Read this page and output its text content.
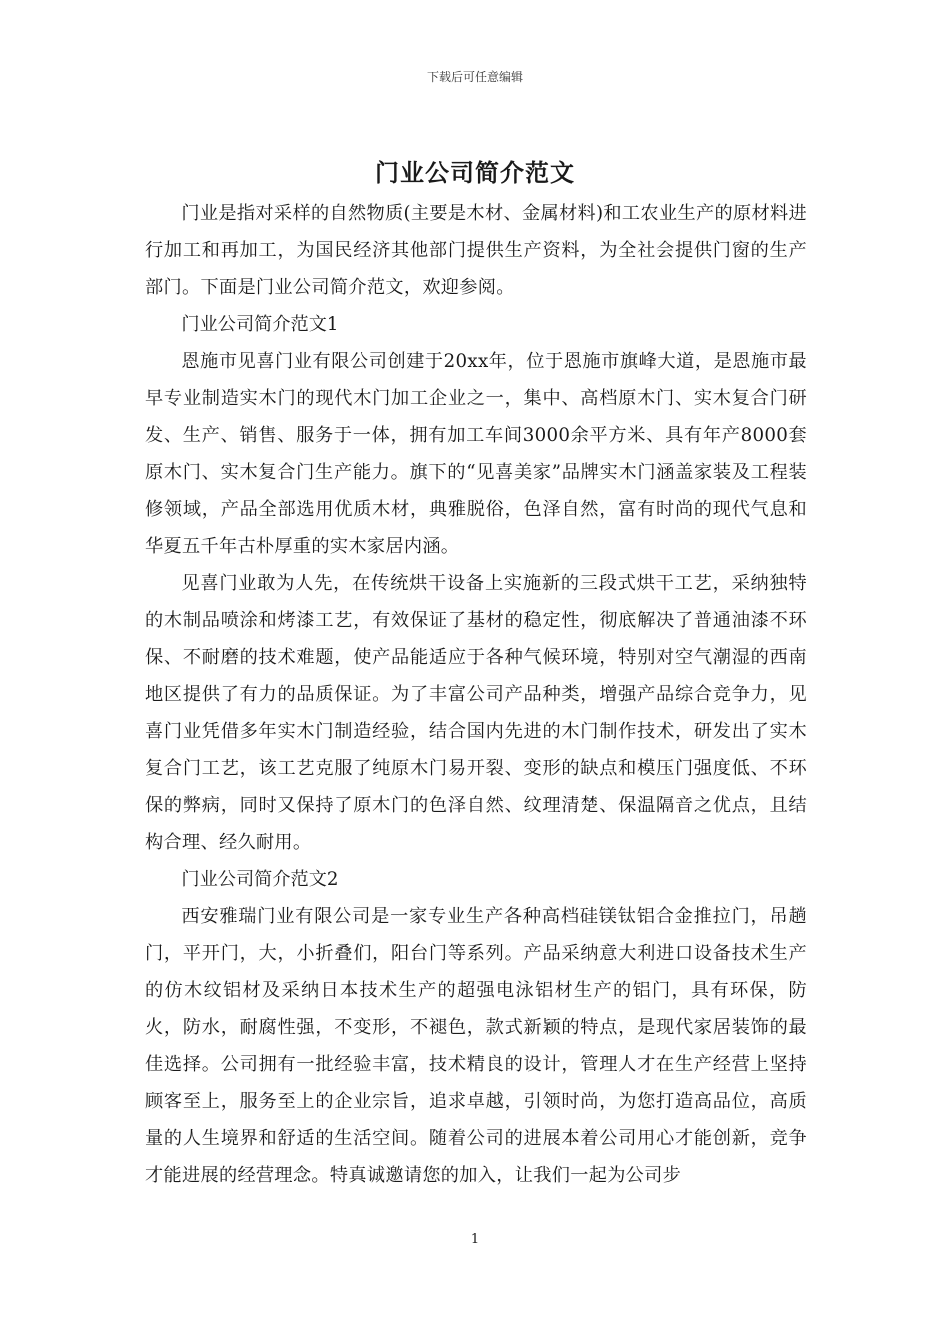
下载后可任意编辑
门业公司简介范文

门业是指对采样的自然物质(主要是木材、金属材料)和工农业生产的原材料进行加工和再加工，为国民经济其他部门提供生产资料，为全社会提供门窗的生产部门。下面是门业公司简介范文，欢迎参阅。

门业公司简介范文1

恩施市见喜门业有限公司创建于20xx年，位于恩施市旗峰大道，是恩施市最早专业制造实木门的现代木门加工企业之一，集中、高档原木门、实木复合门研发、生产、销售、服务于一体，拥有加工车间3000余平方米、具有年产8000套原木门、实木复合门生产能力。旗下的“见喜美家”品牌实木门涵盖家装及工程装修领域，产品全部选用优质木材，典雅脱俗，色泽自然，富有时尚的现代气息和华夏五千年古朴厚重的实木家居内涵。

见喜门业敢为人先，在传统烘干设备上实施新的三段式烘干工艺，采纳独特的木制品喷涂和烤漆工艺，有效保证了基材的稳定性，彻底解决了普通油漆不环保、不耐磨的技术难题，使产品能适应于各种气候环境，特别对空气潮湿的西南地区提供了有力的品质保证。为了丰富公司产品种类，增强产品综合竞争力，见喜门业凭借多年实木门制造经验，结合国内先进的木门制作技术，研发出了实木复合门工艺，该工艺克服了纯原木门易开裂、变形的缺点和模压门强度低、不环保的弊病，同时又保持了原木门的色泽自然、纹理清楚、保温隔音之优点，且结构合理、经久耐用。

门业公司简介范文2

西安雅瑞门业有限公司是一家专业生产各种高档硅镁钛铝合金推拉门，吊趟门，平开门，大，小折叠们，阳台门等系列。产品采纳意大利进口设备技术生产的仿木纹铝材及采纳日本技术生产的超强电泳铝材生产的铝门，具有环保，防火，防水，耐腐性强，不变形，不褪色，款式新颖的特点，是现代家居装饰的最佳选择。公司拥有一批经验丰富，技术精良的设计，管理人才在生产经营上坚持顾客至上，服务至上的企业宗旨，追求卓越，引领时尚，为您打造高品位，高质量的人生境界和舒适的生活空间。随着公司的进展本着公司用心才能创新，竞争才能进展的经营理念。特真诚邀请您的加入，让我们一起为公司步

1
